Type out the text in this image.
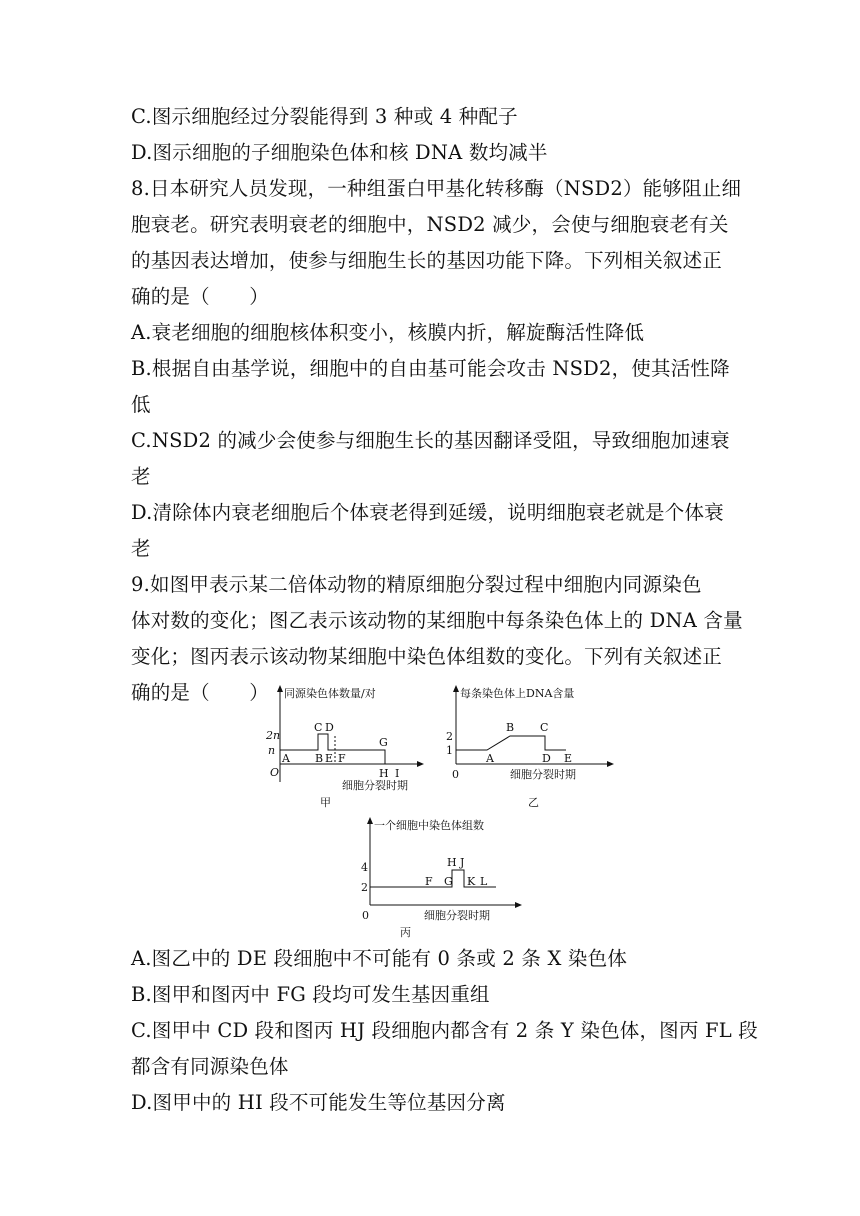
C.图示细胞经过分裂能得到 3 种或 4 种配子
D.图示细胞的子细胞染色体和核 DNA 数均减半
8.日本研究人员发现，一种组蛋白甲基化转移酶（NSD2）能够阻止细
胞衰老。研究表明衰老的细胞中，NSD2 减少，会使与细胞衰老有关
的基因表达增加，使参与细胞生长的基因功能下降。下列相关叙述正
确的是（　　）
A.衰老细胞的细胞核体积变小，核膜内折，解旋酶活性降低
B.根据自由基学说，细胞中的自由基可能会攻击 NSD2，使其活性降
低
C.NSD2 的减少会使参与细胞生长的基因翻译受阻，导致细胞加速衰
老
D.清除体内衰老细胞后个体衰老得到延缓，说明细胞衰老就是个体衰
老
9.如图甲表示某二倍体动物的精原细胞分裂过程中细胞内同源染色
体对数的变化；图乙表示该动物的某细胞中每条染色体上的 DNA 含量
变化；图丙表示该动物某细胞中染色体组数的变化。下列有关叙述正
确的是（　　）
A.图乙中的 DE 段细胞中不可能有 0 条或 2 条 X 染色体
B.图甲和图丙中 FG 段均可发生基因重组
C.图甲中 CD 段和图丙 HJ 段细胞内都含有 2 条 Y 染色体，图丙 FL 段
都含有同源染色体
D.图甲中的 HI 段不可能发生等位基因分离
同源染色体数量/对
2n
n
O
A
C D
B E F
G
H I
细胞分裂时期
甲
每条染色体上DNA含量
2
1
0
A
B C
D E
细胞分裂时期
乙
一个细胞中染色体组数
4
2
0
F G
H J
K L
细胞分裂时期
丙
